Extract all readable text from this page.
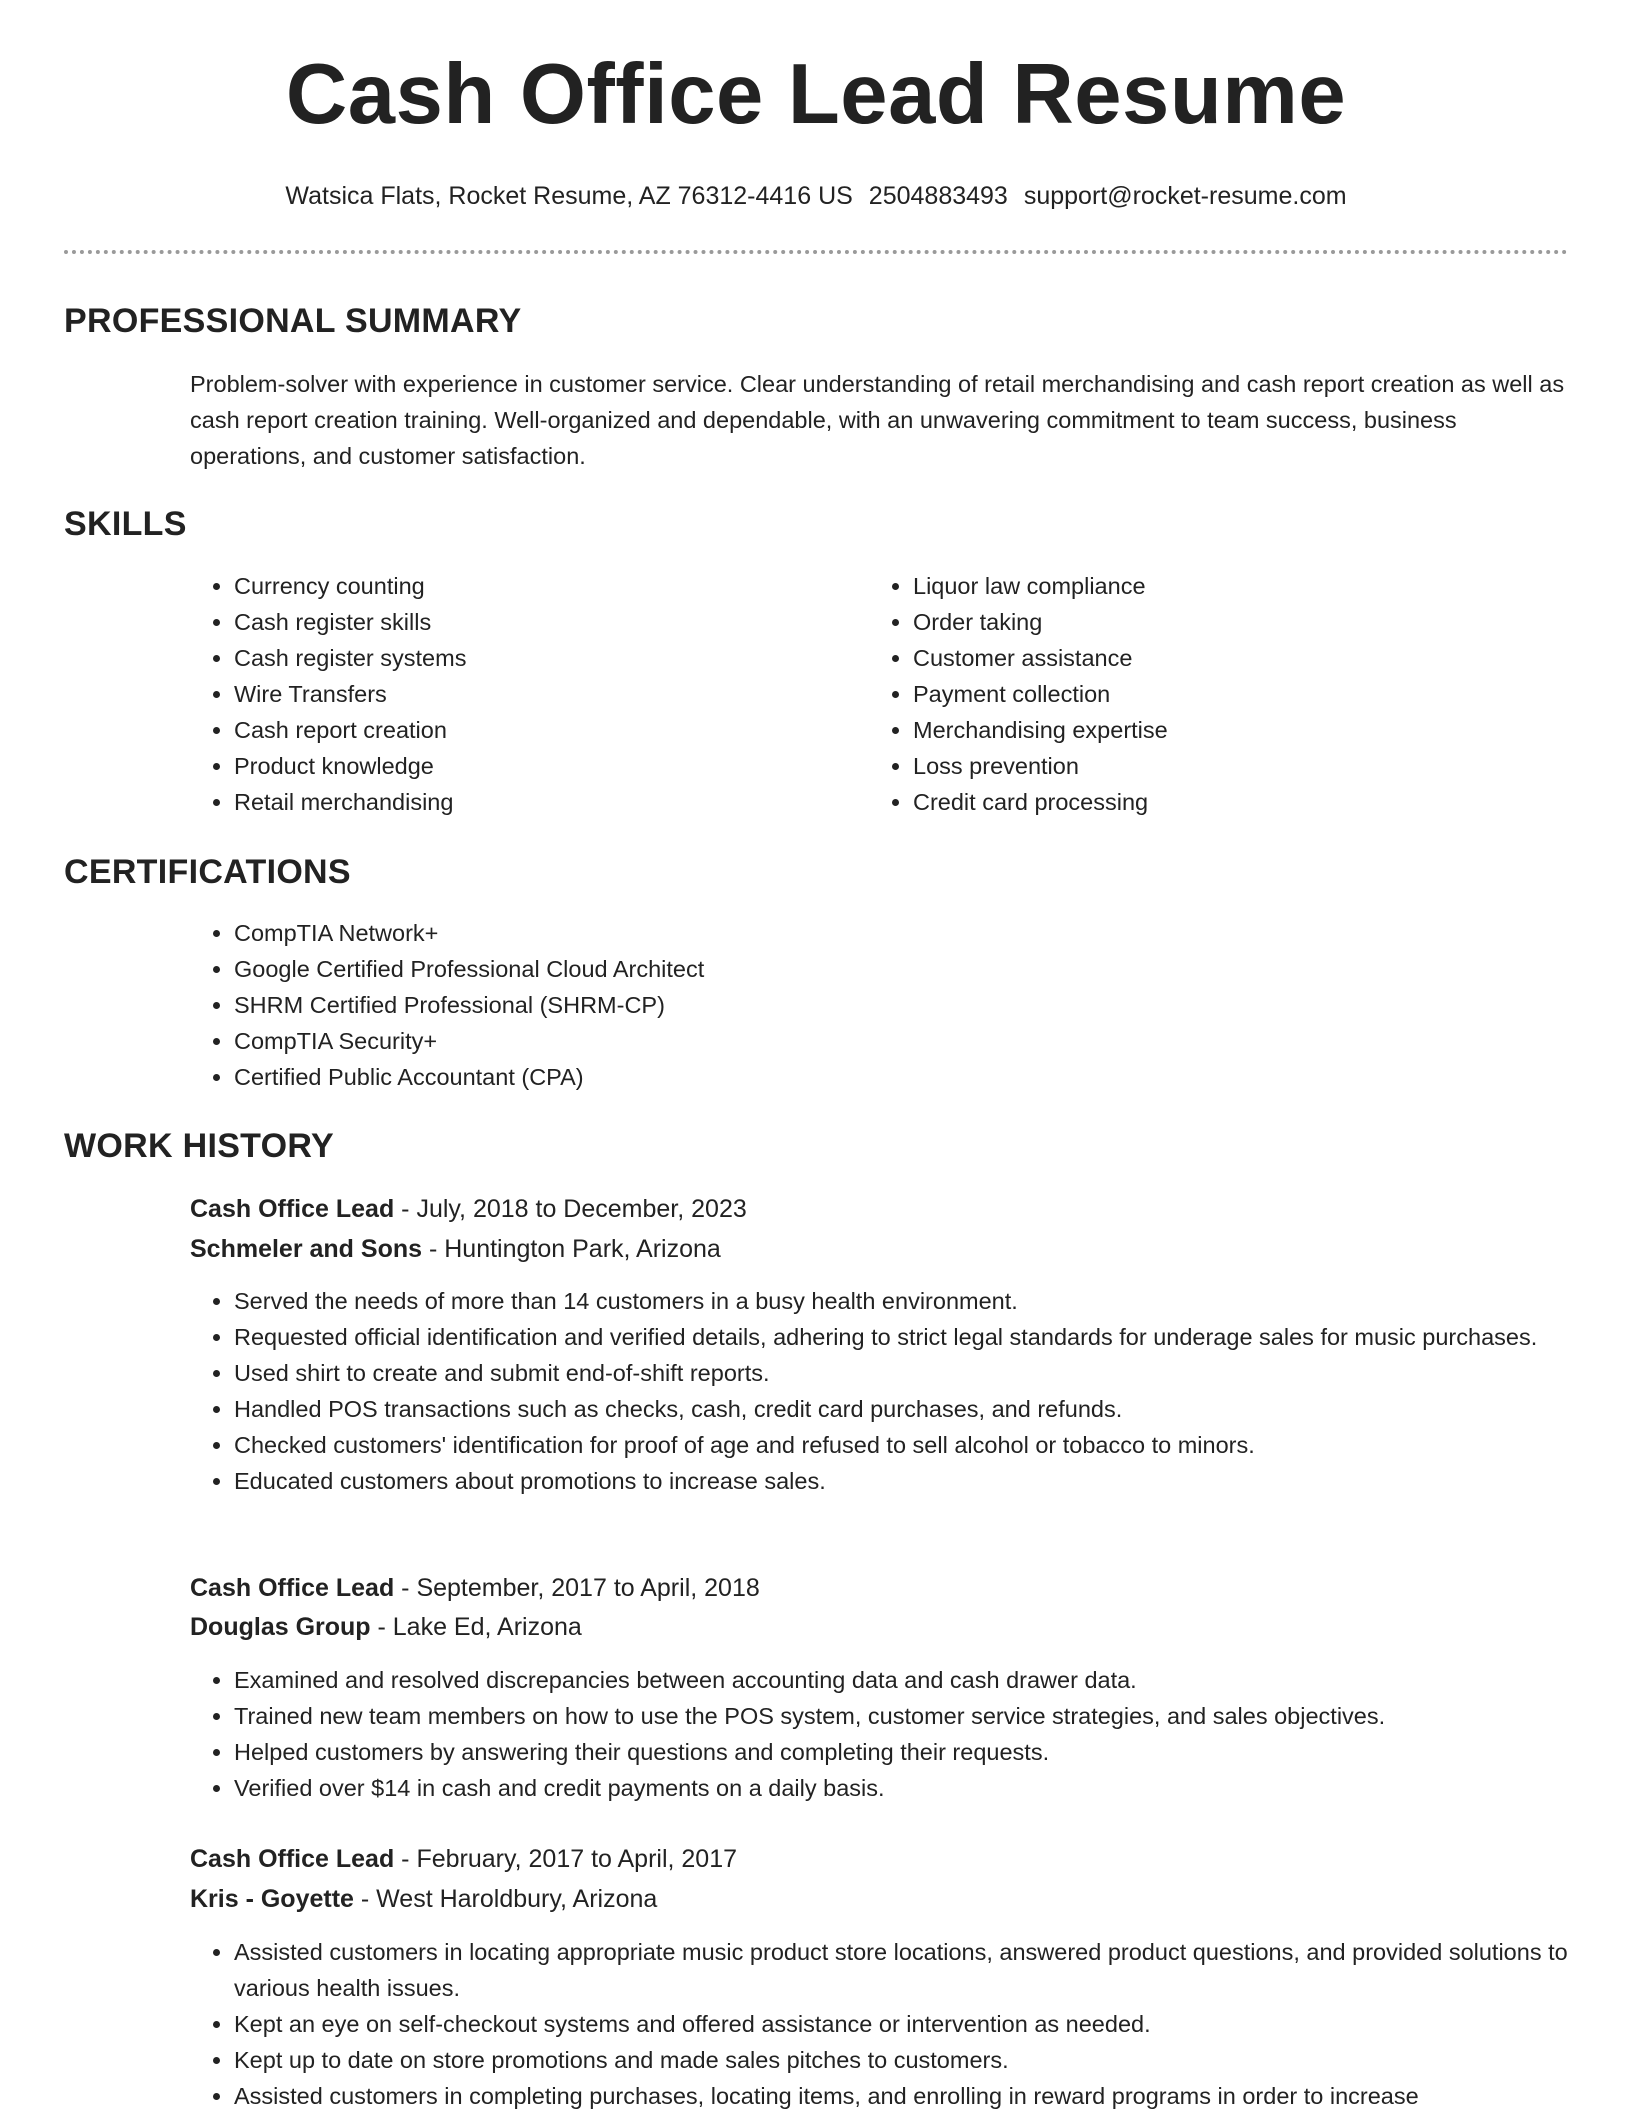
Cash Office Lead Resume
Watsica Flats, Rocket Resume, AZ 76312-4416 US 2504883493 support@rocket-resume.com
PROFESSIONAL SUMMARY

Problem-solver with experience in customer service. Clear understanding of retail merchandising and cash report creation as well as cash report creation training. Well-organized and dependable, with an unwavering commitment to team success, business operations, and customer satisfaction.

SKILLS
• Currency counting
• Cash register skills
• Cash register systems
• Wire Transfers
• Cash report creation
• Product knowledge
• Retail merchandising
• Liquor law compliance
• Order taking
• Customer assistance
• Payment collection
• Merchandising expertise
• Loss prevention
• Credit card processing
CERTIFICATIONS
• CompTIA Network+
• Google Certified Professional Cloud Architect
• SHRM Certified Professional (SHRM-CP)
• CompTIA Security+
• Certified Public Accountant (CPA)
WORK HISTORY
Cash Office Lead - July, 2018 to December, 2023
Schmeler and Sons - Huntington Park, Arizona
• Served the needs of more than 14 customers in a busy health environment.
• Requested official identification and verified details, adhering to strict legal standards for underage sales for music purchases.
• Used shirt to create and submit end-of-shift reports.
• Handled POS transactions such as checks, cash, credit card purchases, and refunds.
• Checked customers' identification for proof of age and refused to sell alcohol or tobacco to minors.
• Educated customers about promotions to increase sales.
Cash Office Lead - September, 2017 to April, 2018
Douglas Group - Lake Ed, Arizona
• Examined and resolved discrepancies between accounting data and cash drawer data.
• Trained new team members on how to use the POS system, customer service strategies, and sales objectives.
• Helped customers by answering their questions and completing their requests.
• Verified over $14 in cash and credit payments on a daily basis.
Cash Office Lead - February, 2017 to April, 2017
Kris - Goyette - West Haroldbury, Arizona
• Assisted customers in locating appropriate music product store locations, answered product questions, and provided solutions to various health issues.
• Kept an eye on self-checkout systems and offered assistance or intervention as needed.
• Kept up to date on store promotions and made sales pitches to customers.
• Assisted customers in completing purchases, locating items, and enrolling in reward programs in order to increase
